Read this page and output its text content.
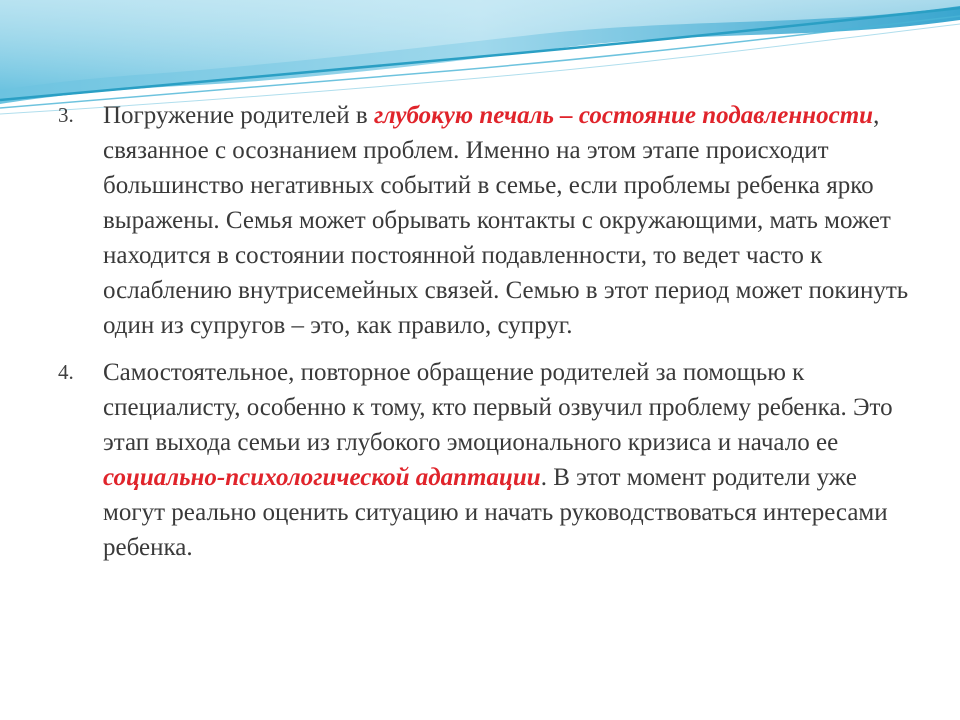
3.	Погружение родителей в глубокую печаль – состояние подавленности, связанное с осознанием проблем. Именно на этом этапе происходит большинство негативных событий в семье, если проблемы ребенка ярко выражены. Семья может обрывать контакты с окружающими, мать может находится в состоянии постоянной подавленности, то ведет часто к ослаблению внутрисемейных связей. Семью в этот период может покинуть один из супругов – это, как правило, супруг.
4.	Самостоятельное, повторное обращение родителей за помощью к специалисту, особенно к тому, кто первый озвучил проблему ребенка. Это этап выхода семьи из глубокого эмоционального кризиса и начало ее социально-психологической адаптации. В этот момент родители уже могут реально оценить ситуацию и начать руководствоваться интересами ребенка.
